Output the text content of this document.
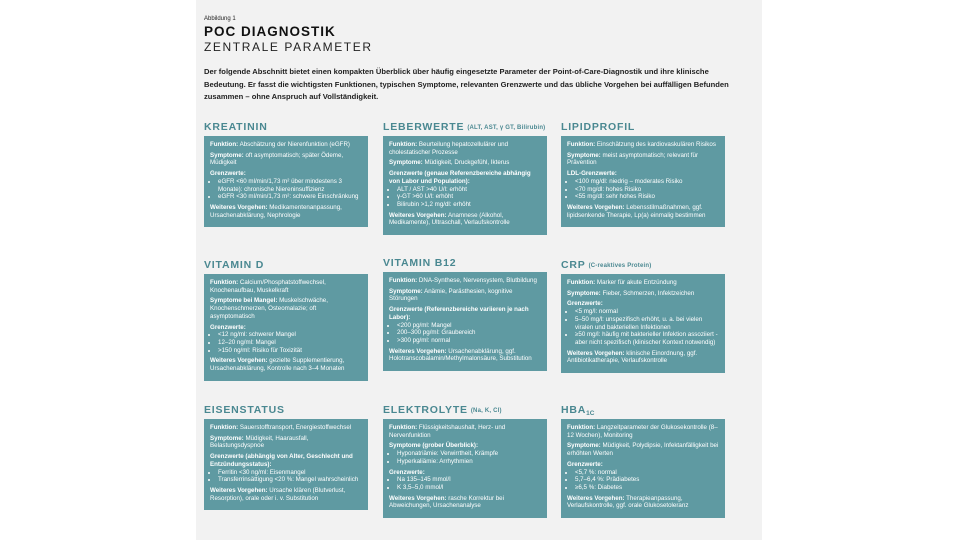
Abbildung 1
POC DIAGNOSTIK
ZENTRALE PARAMETER
Der folgende Abschnitt bietet einen kompakten Überblick über häufig eingesetzte Parameter der Point-of-Care-Diagnostik und ihre klinische Bedeutung. Er fasst die wichtigsten Funktionen, typischen Symptome, relevanten Grenzwerte und das übliche Vorgehen bei auffälligen Befunden zusammen – ohne Anspruch auf Vollständigkeit.
KREATININ

Funktion: Abschätzung der Nierenfunktion (eGFR)

Symptome: oft asymptomatisch; später Ödeme, Müdigkeit

Grenzwerte:

• eGFR <60 ml/min/1,73 m² über mindestens 3 Monate): chronische Niereninsuffizienz
• eGFR <30 ml/min/1,73 m²: schwere Einschränkung

Weiteres Vorgehen: Medikamentenanpassung, Ursachenabklärung, Nephrologie

LEBERWERTE (ALT, AST, γ GT, Bilirubin)

Funktion: Beurteilung hepatozellulärer und cholestatischer Prozesse

Symptome: Müdigkeit, Druckgefühl, Ikterus

Grenzwerte (genaue Referenzbereiche abhängig von Labor und Population):

• ALT / AST >40 U/l: erhöht
• γ-GT >60 U/l: erhöht
• Bilirubin >1,2 mg/dl: erhöht

Weiteres Vorgehen: Anamnese (Alkohol, Medikamente), Ultraschall, Verlaufskontrolle

LIPIDPROFIL

Funktion: Einschätzung des kardiovaskulären Risikos

Symptome: meist asymptomatisch; relevant für Prävention

LDL-Grenzwerte:

• <100 mg/dl: niedrig – moderates Risiko
• <70 mg/dl: hohes Risiko
• <55 mg/dl: sehr hohes Risiko

Weiteres Vorgehen: Lebensstilmaßnahmen, ggf. lipidsenkende Therapie, Lp(a) einmalig bestimmen

VITAMIN D

Funktion: Calcium/Phosphatstoffwechsel, Knochenaufbau, Muskelkraft

Symptome bei Mangel: Muskelschwäche, Knochenschmerzen, Osteomalazie; oft asymptomatisch

Grenzwerte:

• <12 ng/ml: schwerer Mangel
• 12–20 ng/ml: Mangel
• >150 ng/ml: Risiko für Toxizität

Weiteres Vorgehen: gezielte Supplementierung, Ursachenabklärung, Kontrolle nach 3–4 Monaten

VITAMIN B12

Funktion: DNA-Synthese, Nervensystem, Blutbildung

Symptome: Anämie, Parästhesien, kognitive Störungen

Grenzwerte (Referenzbereiche variieren je nach Labor):

• <200 pg/ml: Mangel
• 200–300 pg/ml: Graubereich
• >300 pg/ml: normal

Weiteres Vorgehen: Ursachenabklärung, ggf. Holotranscobalamin/Methylmalonsäure, Substitution

CRP (C-reaktives Protein)

Funktion: Marker für akute Entzündung

Symptome: Fieber, Schmerzen, Infektzeichen

Grenzwerte:

• <5 mg/l: normal
• 5–50 mg/l: unspezifisch erhöht, u. a. bei vielen viralen und bakteriellen Infektionen
• ≥50 mg/l: häufig mit bakterieller Infektion assoziiert - aber nicht spezifisch (klinischer Kontext notwendig)

Weiteres Vorgehen: klinische Einordnung, ggf. Antibiotikatherapie, Verlaufskontrolle

EISENSTATUS

Funktion: Sauerstofftransport, Energiestoffwechsel

Symptome: Müdigkeit, Haarausfall, Belastungsdyspnoe

Grenzwerte (abhängig von Alter, Geschlecht und Entzündungsstatus):

• Ferritin <30 ng/ml: Eisenmangel
• Transferrinsättigung <20 %: Mangel wahrscheinlich

Weiteres Vorgehen: Ursache klären (Blutverlust, Resorption), orale oder i. v. Substitution

ELEKTROLYTE (Na, K, Cl)

Funktion: Flüssigkeitshaushalt, Herz- und Nervenfunktion

Symptome (grober Überblick):

• Hyponatriämie: Verwirrtheit, Krämpfe
• Hyperkaliämie: Arrhythmien

Grenzwerte:

• Na 135–145 mmol/l
• K 3,5–5,0 mmol/l

Weiteres Vorgehen: rasche Korrektur bei Abweichungen, Ursachenanalyse

$HBA_{1C}$

Funktion: Langzeitparameter der Glukosekontrolle (8–12 Wochen), Monitoring

Symptome: Müdigkeit, Polydipsie, Infektanfälligkeit bei erhöhten Werten

Grenzwerte:

• <5,7 %: normal
• 5,7–6,4 %: Prädiabetes
• ≥6,5 %: Diabetes

Weiteres Vorgehen: Therapieanpassung, Verlaufskontrolle, ggf. orale Glukosetoleranz
